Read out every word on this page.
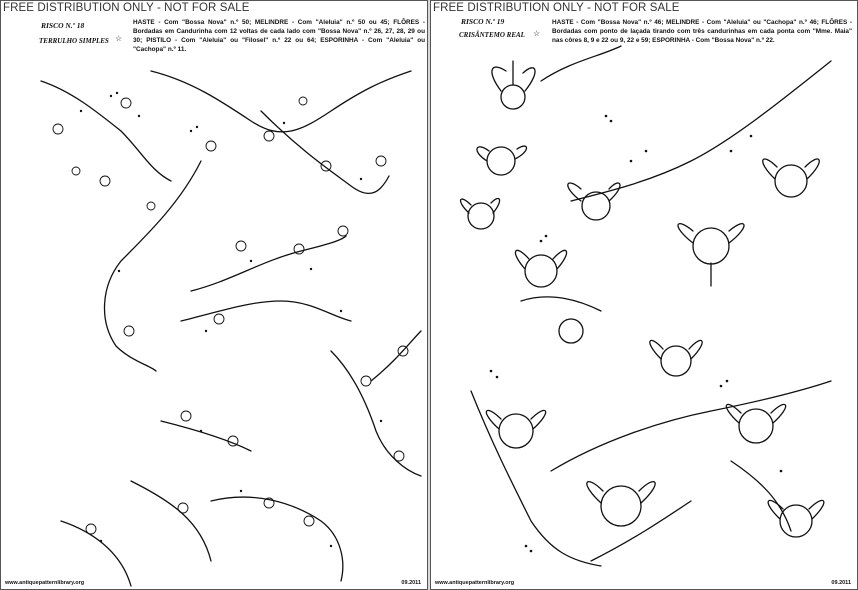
FREE DISTRIBUTION ONLY - NOT FOR SALE
RISCO N.º 18
TERRULHO SIMPLES ☆
HASTE - Com "Bossa Nova" n.º 50; MELINDRE - Com "Aleluia" n.º 50 ou 45; FLÔRES - Bordadas em Candurinha com 12 voltas de cada lado com "Bossa Nova" n.º 26, 27, 28, 29 ou 30; PISTILO - Com "Aleluia" ou "Filosel" n.º 22 ou 64; ESPORINHA - Com "Aleluia" ou "Cachopa" n.º 11.
www.antiquepatternlibrary.org	09.2011
FREE DISTRIBUTION ONLY - NOT FOR SALE
RISCO N.º 19
CRISÂNTEMO REAL ☆
HASTE - Com "Bossa Nova" n.º 46; MELINDRE - Com "Aleluia" ou "Cachopa" n.º 46; FLÔRES - Bordadas com ponto de laçada tirando com três candurinhas em cada ponta com "Mme. Maia" nas côres 8, 9 e 22 ou 9, 22 e 59; ESPORINHA - Com "Bossa Nova" n.º 22.
www.antiquepatternlibrary.org	09.2011
